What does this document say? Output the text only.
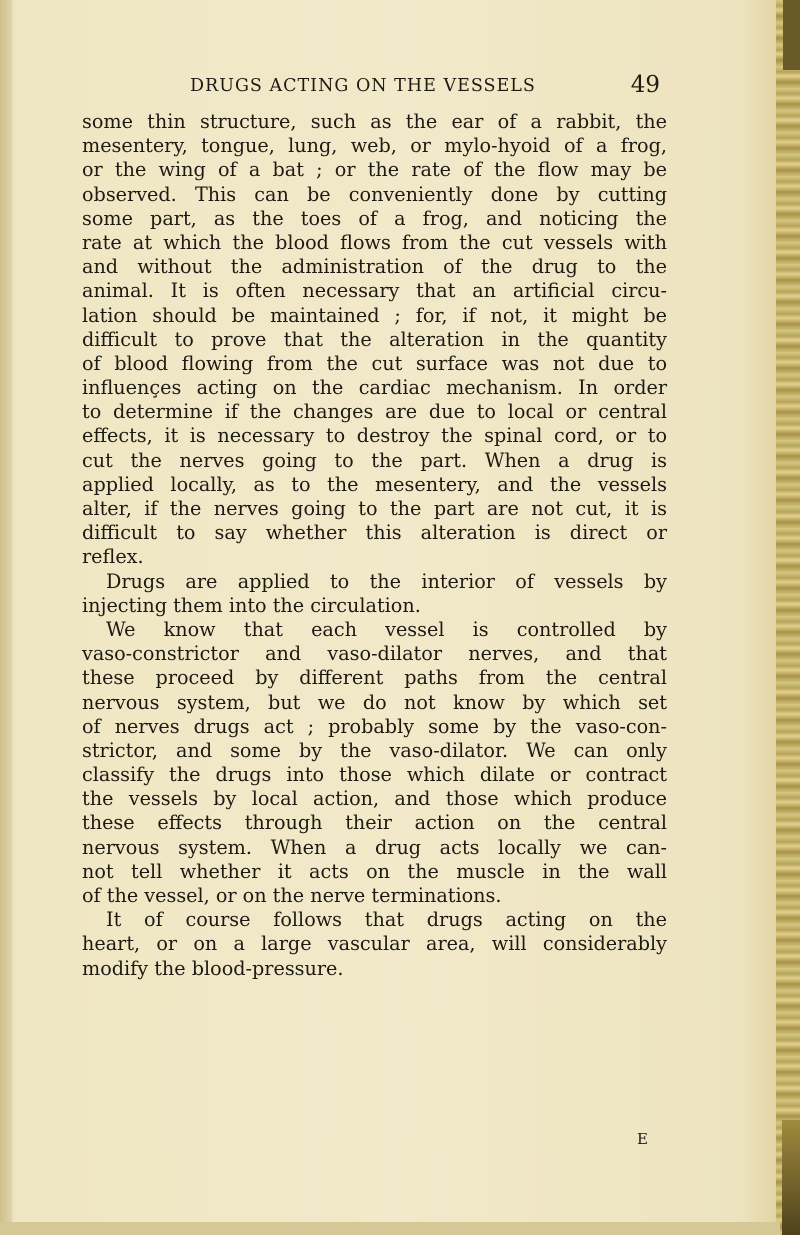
DRUGS ACTING ON THE VESSELS	49
some thin structure, such as the ear of a rabbit, the
mesentery, tongue, lung, web, or mylo-hyoid of a frog,
or the wing of a bat ; or the rate of the flow may be
observed. This can be conveniently done by cutting
some part, as the toes of a frog, and noticing the
rate at which the blood flows from the cut vessels with
and without the administration of the drug to the
animal. It is often necessary that an artificial circu-
lation should be maintained ; for, if not, it might be
difficult to prove that the alteration in the quantity
of blood flowing from the cut surface was not due to
influenҫes acting on the cardiac mechanism. In order
to determine if the changes are due to local or central
effects, it is necessary to destroy the spinal cord, or to
cut the nerves going to the part. When a drug is
applied locally, as to the mesentery, and the vessels
alter, if the nerves going to the part are not cut, it is
difficult to say whether this alteration is direct or
reflex.
Drugs are applied to the interior of vessels by
injecting them into the circulation.
We know that each vessel is controlled by
vaso-constrictor and vaso-dilator nerves, and that
these proceed by different paths from the central
nervous system, but we do not know by which set
of nerves drugs act ; probably some by the vaso-con-
strictor, and some by the vaso-dilator. We can only
classify the drugs into those which dilate or contract
the vessels by local action, and those which produce
these effects through their action on the central
nervous system. When a drug acts locally we can-
not tell whether it acts on the muscle in the wall
of the vessel, or on the nerve terminations.
It of course follows that drugs acting on the
heart, or on a large vascular area, will considerably
modify the blood-pressure.
E
